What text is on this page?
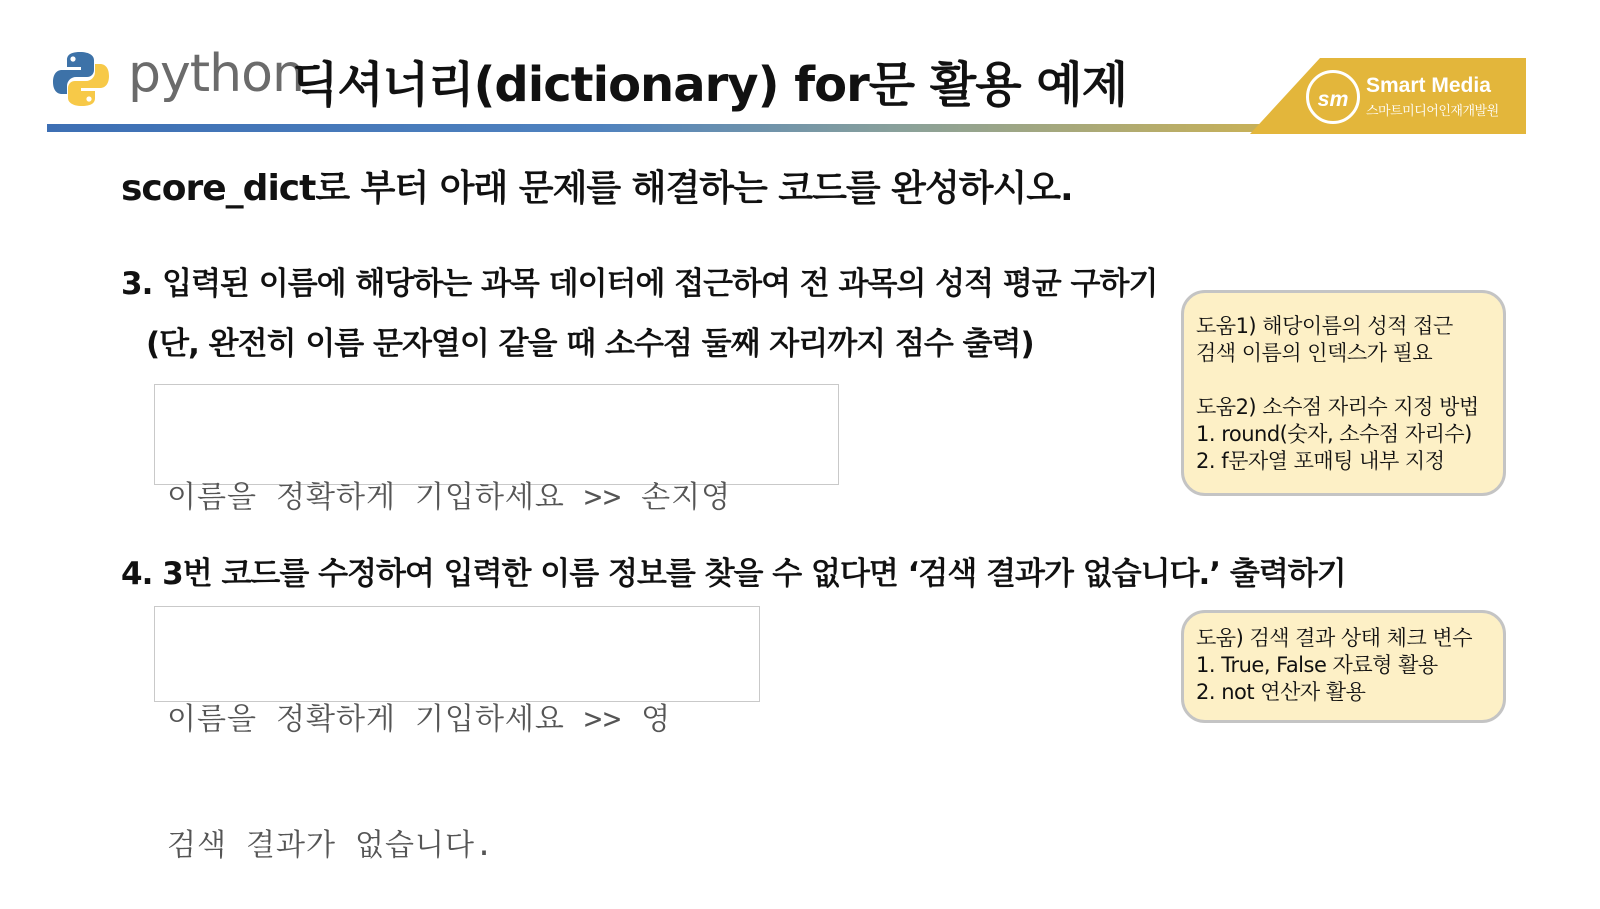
python
딕셔너리(dictionary) for문 활용 예제	sm
Smart Media
스마트미디어인재개발원
score_dict로 부터 아래 문제를 해결하는 코드를 완성하시오.
3. 입력된 이름에 해당하는 과목 데이터에 접근하여 전 과목의 성적 평균 구하기
(단, 완전히 이름 문자열이 같을 때 소수점 둘째 자리까지 점수 출력)

이름을 정확하게 기입하세요 >> 손지영

도움1) 해당이름의 성적 접근
검색 이름의 인덱스가 필요
도움2) 소수점 자리수 지정 방법
1. round(숫자, 소수점 자리수)
2. f문자열 포매팅 내부 지정
4. 3번 코드를 수정하여 입력한 이름 정보를 찾을 수 없다면 ‘검색 결과가 없습니다.’ 출력하기

이름을 정확하게 기입하세요 >> 영

검색 결과가 없습니다.

도움) 검색 결과 상태 체크 변수
1. True, False 자료형 활용
2. not 연산자 활용
